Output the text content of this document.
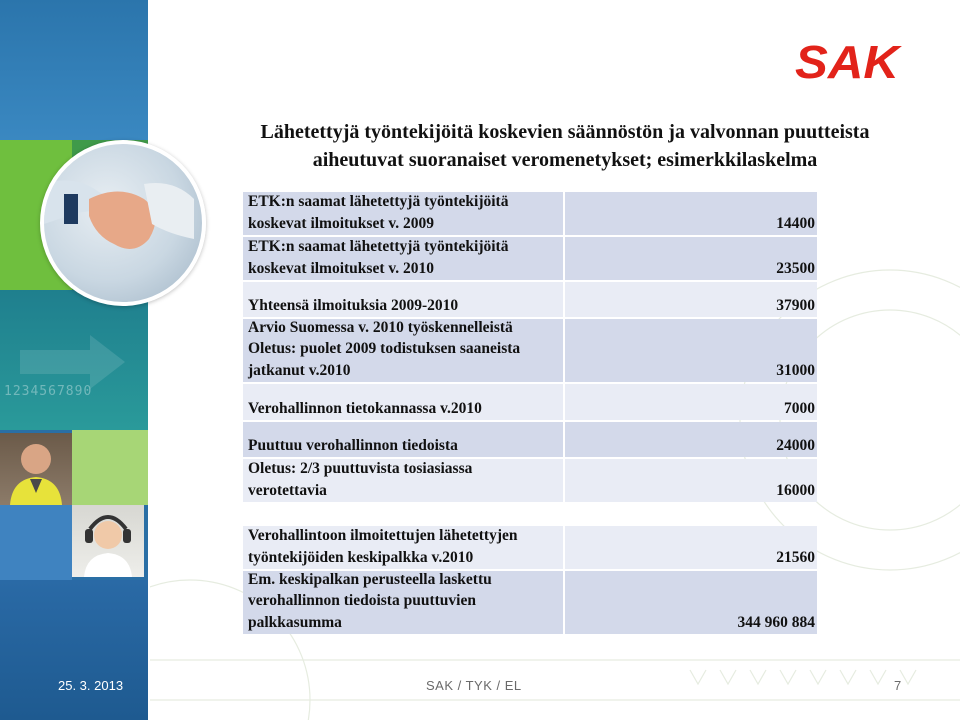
1234567890
SAK
Lähetettyjä työntekijöitä koskevien säännöstön ja valvonnan puutteista
aiheutuvat suoranaiset veromenetykset; esimerkkilaskelma
ETK:n saamat lähetettyjä työntekijöitä
koskevat ilmoitukset v. 2009	14400
ETK:n saamat lähetettyjä työntekijöitä
koskevat ilmoitukset v. 2010	23500
Yhteensä ilmoituksia 2009-2010	37900
Arvio Suomessa v. 2010 työskennelleistä
Oletus: puolet 2009 todistuksen saaneista
jatkanut v.2010	31000
Verohallinnon tietokannassa v.2010	7000
Puuttuu verohallinnon tiedoista	24000
Oletus: 2/3 puuttuvista tosiasiassa
verotettavia	16000
Verohallintoon ilmoitettujen lähetettyjen
työntekijöiden keskipalkka v.2010	21560
Em. keskipalkan perusteella laskettu
verohallinnon tiedoista puuttuvien
palkkasumma	344 960 884
25. 3. 2013	SAK / TYK / EL	7
